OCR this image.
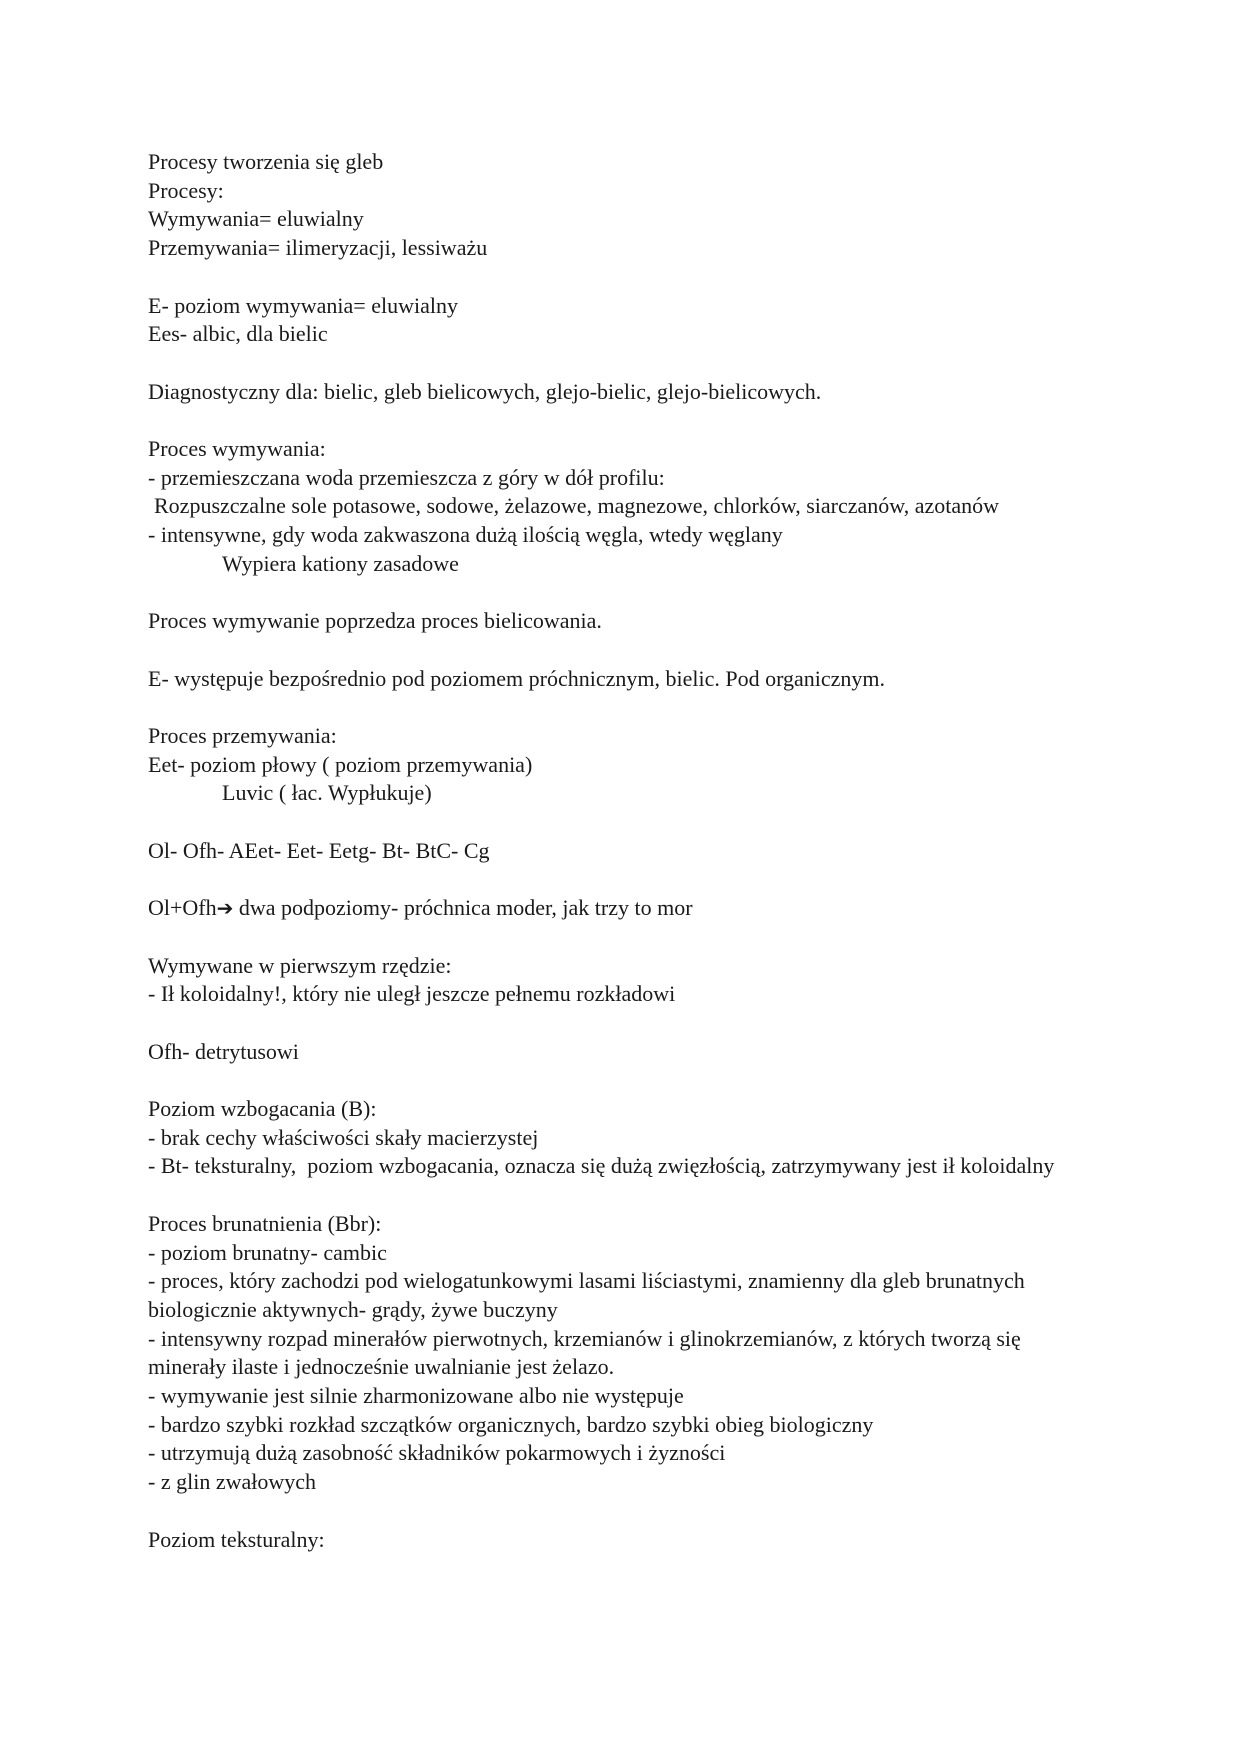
Procesy tworzenia się gleb
Procesy:
Wymywania= eluwialny
Przemywania= ilimeryzacji, lessiważu
E- poziom wymywania= eluwialny
Ees- albic, dla bielic
Diagnostyczny dla: bielic, gleb bielicowych, glejo-bielic, glejo-bielicowych.
Proces wymywania:
- przemieszczana woda przemieszcza z góry w dół profilu:
Rozpuszczalne sole potasowe, sodowe, żelazowe, magnezowe, chlorków, siarczanów, azotanów
- intensywne, gdy woda zakwaszona dużą ilością węgla, wtedy węglany
Wypiera kationy zasadowe
Proces wymywanie poprzedza proces bielicowania.
E- występuje bezpośrednio pod poziomem próchnicznym, bielic. Pod organicznym.
Proces przemywania:
Eet- poziom płowy ( poziom przemywania)
Luvic ( łac. Wypłukuje)
Ol- Ofh- AEet- Eet- Eetg- Bt- BtC- Cg
Ol+Ofh➔ dwa podpoziomy- próchnica moder, jak trzy to mor
Wymywane w pierwszym rzędzie:
- Ił koloidalny!, który nie uległ jeszcze pełnemu rozkładowi
Ofh- detrytusowi
Poziom wzbogacania (B):
- brak cechy właściwości skały macierzystej
- Bt- teksturalny,  poziom wzbogacania, oznacza się dużą zwięzłością, zatrzymywany jest ił koloidalny
Proces brunatnienia (Bbr):
- poziom brunatny- cambic
- proces, który zachodzi pod wielogatunkowymi lasami liściastymi, znamienny dla gleb brunatnych biologicznie aktywnych- grądy, żywe buczyny
- intensywny rozpad minerałów pierwotnych, krzemianów i glinokrzemianów, z których tworzą się minerały ilaste i jednocześnie uwalnianie jest żelazo.
- wymywanie jest silnie zharmonizowane albo nie występuje
- bardzo szybki rozkład szczątków organicznych, bardzo szybki obieg biologiczny
- utrzymują dużą zasobność składników pokarmowych i żyzności
- z glin zwałowych
Poziom teksturalny:
